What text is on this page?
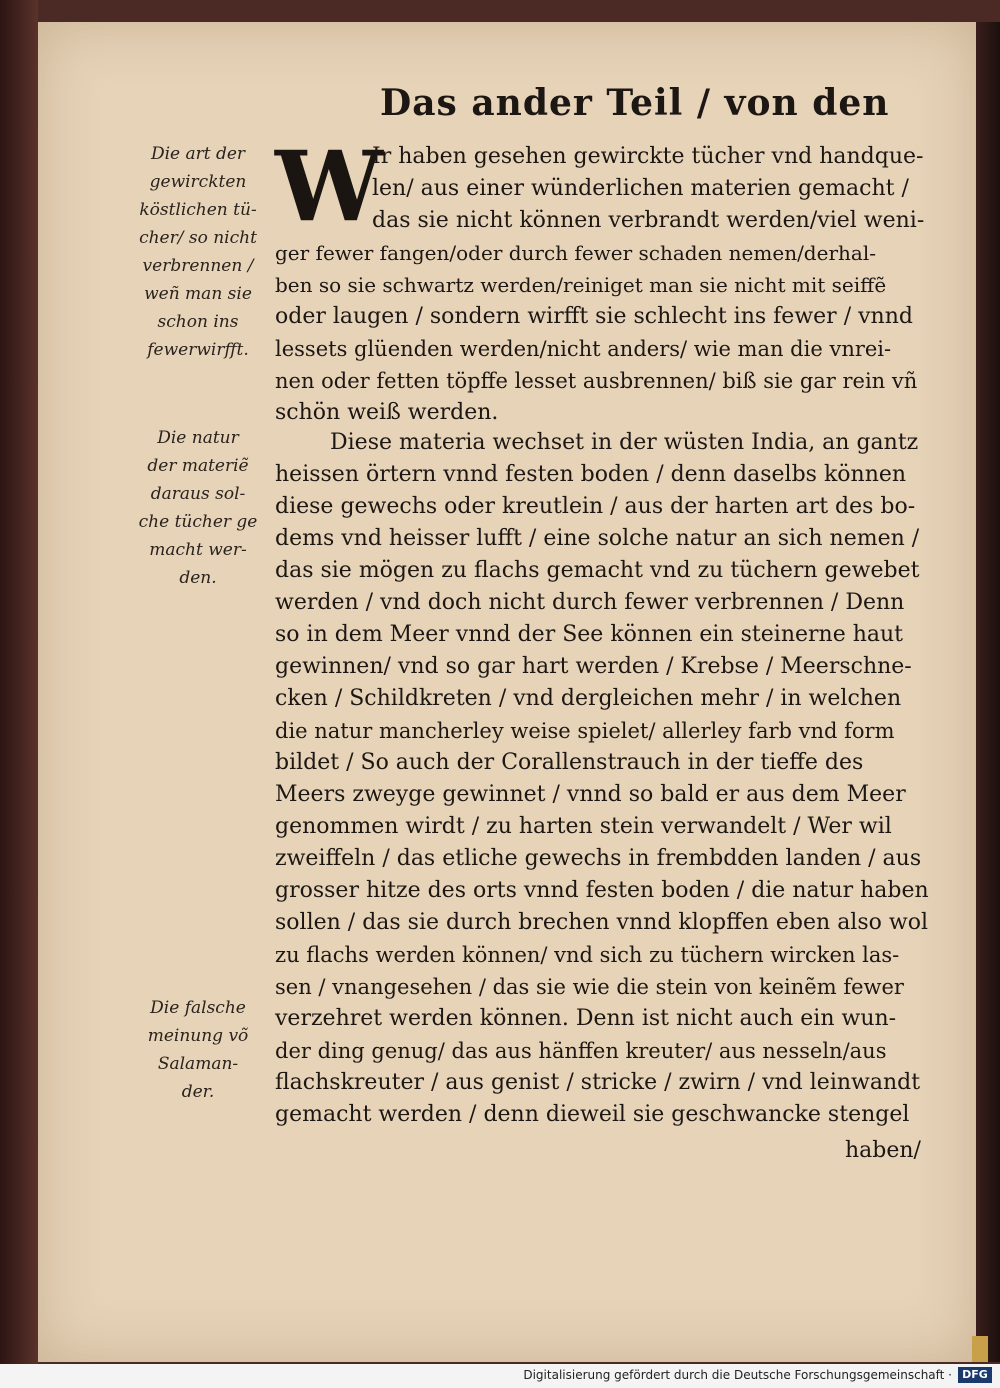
Das ander Teil / von den
W
Die art der
gewirckten
köstlichen tü-
cher/ so nicht
verbrennen /
weñ man sie
schon ins
fewerwirfft.
Die natur
der materiẽ
daraus sol-
che tücher ge
macht wer-
den.
Die falsche
meinung võ
Salaman-
der.
Ir haben gesehen gewirckte tücher vnd handque-
len/ aus einer wünderlichen materien gemacht /
das sie nicht können verbrandt werden/viel weni-
ger fewer fangen/oder durch fewer schaden nemen/derhal-
ben so sie schwartz werden/reiniget man sie nicht mit seiffẽ
oder laugen / sondern wirfft sie schlecht ins fewer / vnnd
lessets glüenden werden/nicht anders/ wie man die vnrei-
nen oder fetten töpffe lesset ausbrennen/ biß sie gar rein vñ
schön weiß werden.
Diese materia wechset in der wüsten India, an gantz
heissen örtern vnnd festen boden / denn daselbs können
diese gewechs oder kreutlein / aus der harten art des bo-
dems vnd heisser lufft / eine solche natur an sich nemen /
das sie mögen zu flachs gemacht vnd zu tüchern gewebet
werden / vnd doch nicht durch fewer verbrennen / Denn
so in dem Meer vnnd der See können ein steinerne haut
gewinnen/ vnd so gar hart werden / Krebse / Meerschne-
cken / Schildkreten / vnd dergleichen mehr / in welchen
die natur mancherley weise spielet/ allerley farb vnd form
bildet / So auch der Corallenstrauch in der tieffe des
Meers zweyge gewinnet / vnnd so bald er aus dem Meer
genommen wirdt / zu harten stein verwandelt / Wer wil
zweiffeln / das etliche gewechs in frembdden landen / aus
grosser hitze des orts vnnd festen boden / die natur haben
sollen / das sie durch brechen vnnd klopffen eben also wol
zu flachs werden können/ vnd sich zu tüchern wircken las-
sen / vnangesehen / das sie wie die stein von keinẽm fewer
verzehret werden können. Denn ist nicht auch ein wun-
der ding genug/ das aus hänffen kreuter/ aus nesseln/aus
flachskreuter / aus genist / stricke / zwirn / vnd leinwandt
gemacht werden / denn dieweil sie geschwancke stengel
haben/
Digitalisierung gefördert durch die Deutsche Forschungsgemeinschaft · DFG
